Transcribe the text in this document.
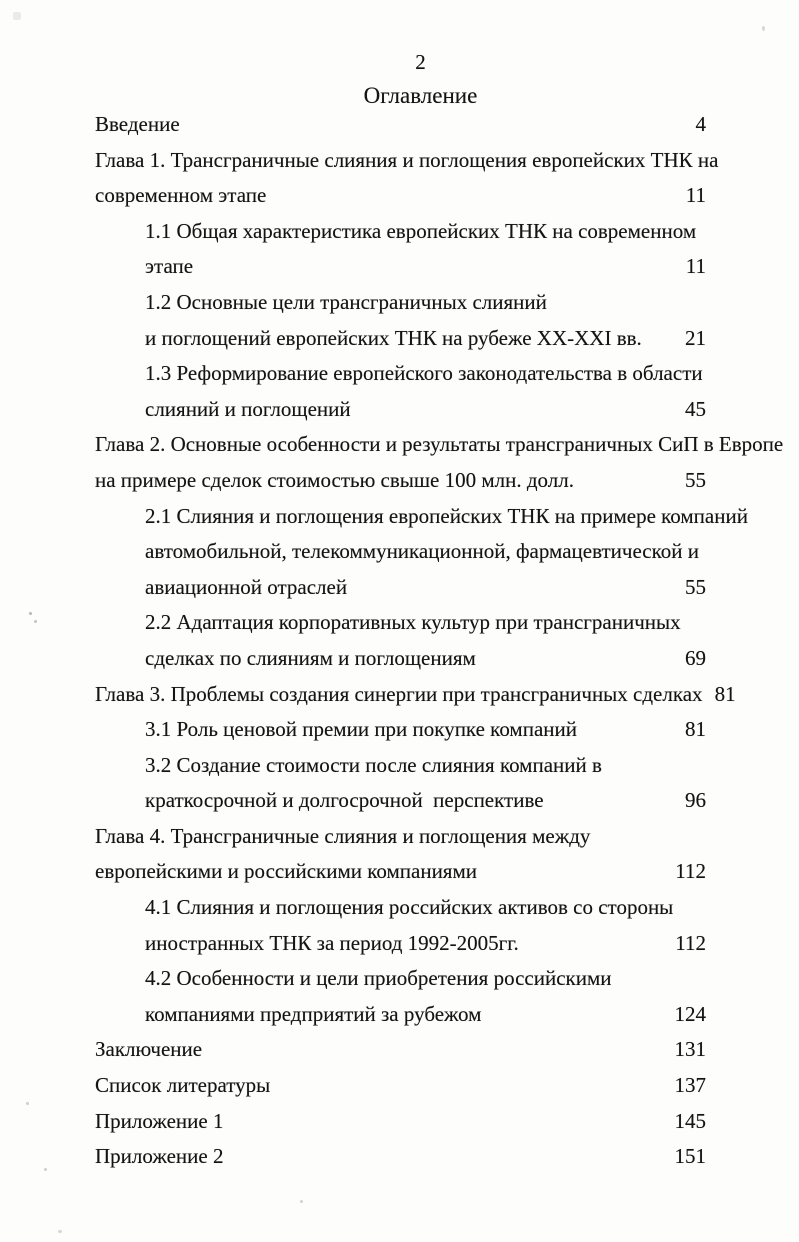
2
Оглавление
Введение	4
Глава 1. Трансграничные слияния и поглощения европейских ТНК на
современном этапе	11
1.1 Общая характеристика европейских ТНК на современном
этапе	11
1.2 Основные цели трансграничных слияний
и поглощений европейских ТНК на рубеже XX-XXI вв. 21
1.3 Реформирование европейского законодательства в области
слияний и поглощений	45
Глава 2. Основные особенности и результаты трансграничных СиП в Европе
на примере сделок стоимостью свыше 100 млн. долл.	55
2.1 Слияния и поглощения европейских ТНК на примере компаний
автомобильной, телекоммуникационной, фармацевтической и
авиационной отраслей	55
2.2 Адаптация корпоративных культур при трансграничных
сделках по слияниям и поглощениям	69
Глава 3. Проблемы создания синергии при трансграничных сделках 81
3.1 Роль ценовой премии при покупке компаний	81
3.2 Создание стоимости после слияния компаний в
краткосрочной и долгосрочной  перспективе	96
Глава 4. Трансграничные слияния и поглощения между
европейскими и российскими компаниями	112
4.1 Слияния и поглощения российских активов со стороны
иностранных ТНК за период 1992-2005гг.	112
4.2 Особенности и цели приобретения российскими
компаниями предприятий за рубежом	124
Заключение	131
Список литературы	137
Приложение 1	145
Приложение 2	151
